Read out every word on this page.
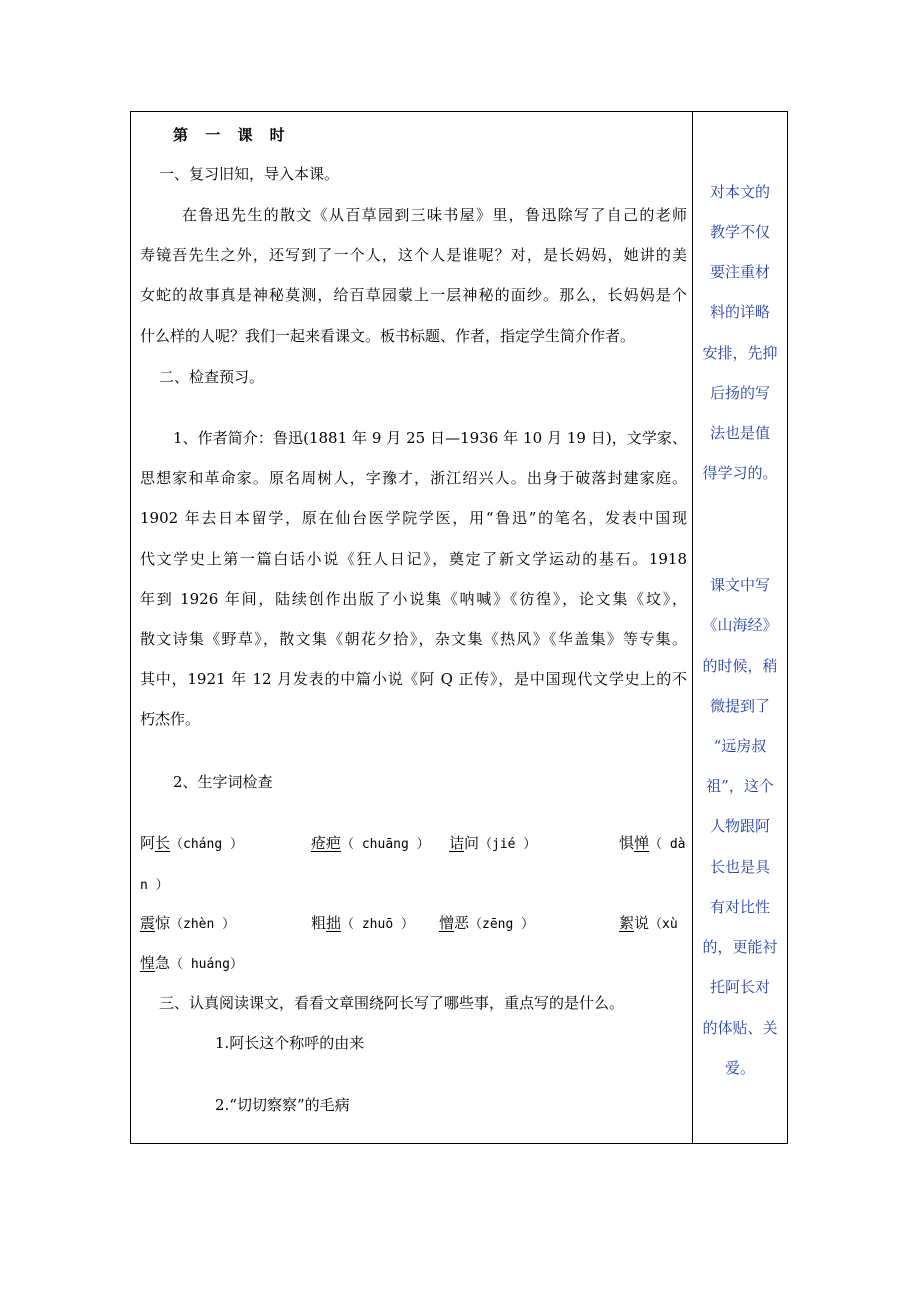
第 一 课 时
一、复习旧知，导入本课。
在鲁迅先生的散文《从百草园到三味书屋》里，鲁迅除写了自己的老师
寿镜吾先生之外，还写到了一个人，这个人是谁呢？对，是长妈妈，她讲的美
女蛇的故事真是神秘莫测，给百草园蒙上一层神秘的面纱。那么，长妈妈是个
什么样的人呢？我们一起来看课文。板书标题、作者，指定学生简介作者。
二、检查预习。
1、作者简介：鲁迅(1881 年 9 月 25 日—1936 年 10 月 19 日)，文学家、
思想家和革命家。原名周树人，字豫才，浙江绍兴人。出身于破落封建家庭。
1902 年去日本留学，原在仙台医学院学医，用“鲁迅”的笔名，发表中国现
代文学史上第一篇白话小说《狂人日记》，奠定了新文学运动的基石。1918
年到 1926 年间，陆续创作出版了小说集《呐喊》《彷徨》，论文集《坟》，
散文诗集《野草》，散文集《朝花夕拾》，杂文集《热风》《华盖集》等专集。
其中，1921 年 12 月发表的中篇小说《阿 Q 正传》，是中国现代文学史上的不
朽杰作。
2、生字词检查
阿长（cháng ）	疮疤（ chuāng ） 诘问（jié ）	惧惮（ dà
n ）
震惊（zhèn ）	粗拙（ zhuō ） 憎恶（zēng ）	絮说（xù
惶急（ huáng）
三、认真阅读课文，看看文章围绕阿长写了哪些事，重点写的是什么。
1.阿长这个称呼的由来
2.“切切察察”的毛病
对本文的
教学不仅
要注重材
料的详略
安排，先抑
后扬的写
法也是值
得学习的。
课文中写
《山海经》
的时候，稍
微提到了
“远房叔
祖”，这个
人物跟阿
长也是具
有对比性
的，更能衬
托阿长对
的体贴、关
爱。
